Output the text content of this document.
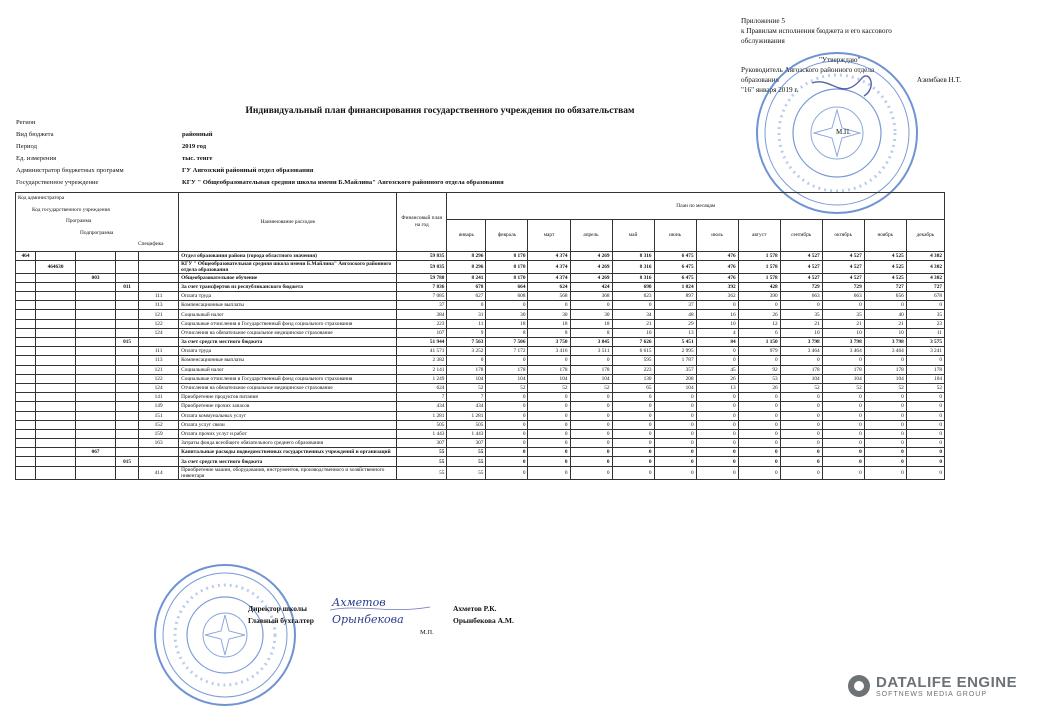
Приложение 5
к Правилам исполнения бюджета и его кассового
обслуживания
"Утверждаю"
Руководитель Аягозского районного отдела
образования	Азимбаев Н.Т.
"16" января 2019 г.
М.П.
Индивидуальный план финансирования государственного учреждения по обязательствам
Регион
Вид бюджета	районный
Период	2019 год
Ед. измерения	тыс. тенге
Администратор бюджетных программ	ГУ Аягозский районный отдел образования
Государственное учреждение	КГУ " Общеобразовательная средняя школа имени Б.Майлина" Аягозского районного отдела образования
Код администратора
Код государственного учреждения
Программа
Подпрограмма
Специфика					Наименование расходов	Финансовый план на год	План по месяцам											
							январь	февраль	март	апрель	май	июнь	июль	август	сентябрь	октябрь	ноябрь	декабрь
464					Отдел образования района (города областного значения)	59 835	8 296	8 170	4 374	4 269	8 316	6 475	476	1 578	4 527	4 527	4 525	4 302
	464630				КГУ " Общеобразовательная средняя школа имени Б.Майлина" Аягозского районного отдела образования	59 835	8 296	8 170	4 374	4 269	8 316	6 475	476	1 578	4 527	4 527	4 525	4 302
		003			Общеобразовательное обучение	59 780	8 241	8 170	4 374	4 269	8 316	6 475	476	1 578	4 527	4 527	4 525	4 302
			011		За счет трансфертов из республиканского бюджета	7 836	678	664	624	424	690	1 024	392	428	729	729	727	727
				111	Оплата труда	7 085	627	608	568	368	623	897	362	390	663	663	656	678
				113	Компенсационные выплаты	37	0	0	0	0	0	37	0	0	0	0	0	0
				121	Социальный налог	384	31	30	30	30	34	48	16	26	35	35	40	35
				122	Социальные отчисления в Государственный фонд социального страхования	223	11	18	18	18	21	29	10	12	21	21	21	23
				124	Отчисления на обязательное социальное медицинское страхование	107	9	8	8	8	10	13	4	6	10	10	10	11
			015		За счет средств местного бюджета	51 944	7 563	7 506	3 750	3 845	7 626	5 451	84	1 150	3 798	3 798	3 798	3 575
				111	Оплата труда	41 571	3 252	7 172	3 416	3 511	6 615	2 995	0	979	3 464	3 464	3 464	3 241
				113	Компенсационные выплаты	2 382	0	0	0	0	595	1 787	0	0	0	0	0	0
				121	Социальный налог	2 141	178	178	178	178	223	357	45	92	178	178	178	178
				122	Социальные отчисления в Государственный фонд социального страхования	1 249	104	104	104	104	130	208	26	53	104	104	104	104
				124	Отчисления на обязательное социальное медицинское страхование	624	52	52	52	52	65	104	13	26	52	52	52	52
				141	Приобретение продуктов питания	7	7	0	0	0	0	0	0	0	0	0	0	0
				149	Приобретение прочих запасов	434	434	0	0	0	0	0	0	0	0	0	0	0
				151	Оплата коммунальных услуг	1 281	1 281	0	0	0	0	0	0	0	0	0	0	0
				152	Оплата услуг связи	505	505	0	0	0	0	0	0	0	0	0	0	0
				159	Оплата прочих услуг и работ	1 443	1 443	0	0	0	0	0	0	0	0	0	0	0
				163	Затраты фонда всеобщего обязательного среднего образования	307	307	0	0	0	0	0	0	0	0	0	0	0
		067			Капитальные расходы подведомственных государственных учреждений и организаций	55	55	0	0	0	0	0	0	0	0	0	0	0
			015		За счет средств местного бюджета	55	55	0	0	0	0	0	0	0	0	0	0	0
				414	Приобретение машин, оборудования, инструментов, производственного и хозяйственного инвентаря	55	55	0	0	0	0	0	0	0	0	0	0	0
Директор школы
Главный бухгалтер
Ахметов
Орынбекова
Ахметов Р.К.
Орынбекова А.М.
М.П.
DATALIFE ENGINE
SOFTNEWS MEDIA GROUP
